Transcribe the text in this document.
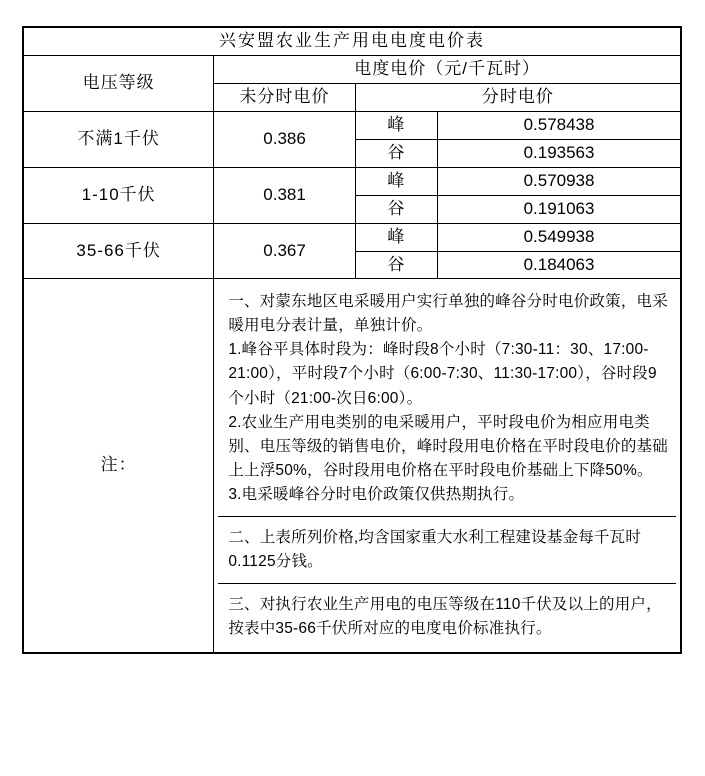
兴安盟农业生产用电电度电价表			
电压等级	电度电价（元/千瓦时）		
	未分时电价	分时电价	
不满1千伏	0.386	峰	0.578438
		谷	0.193563
1-10千伏	0.381	峰	0.570938
		谷	0.191063
35-66千伏	0.367	峰	0.549938
		谷	0.184063
注：	

一、对蒙东地区电采暖用户实行单独的峰谷分时电价政策，电采暖用电分表计量，单独计价。

1.峰谷平具体时段为：峰时段8个小时（7:30-11：30、17:00-21:00），平时段7个小时（6:00-7:30、11:30-17:00），谷时段9个小时（21:00-次日6:00）。

2.农业生产用电类别的电采暖用户，平时段电价为相应用电类别、电压等级的销售电价，峰时段用电价格在平时段电价的基础上上浮50%，谷时段用电价格在平时段电价基础上下降50%。

3.电采暖峰谷分时电价政策仅供热期执行。

二、上表所列价格,均含国家重大水利工程建设基金每千瓦时0.1125分钱。

三、对执行农业生产用电的电压等级在110千伏及以上的用户，按表中35-66千伏所对应的电度电价标准执行。
